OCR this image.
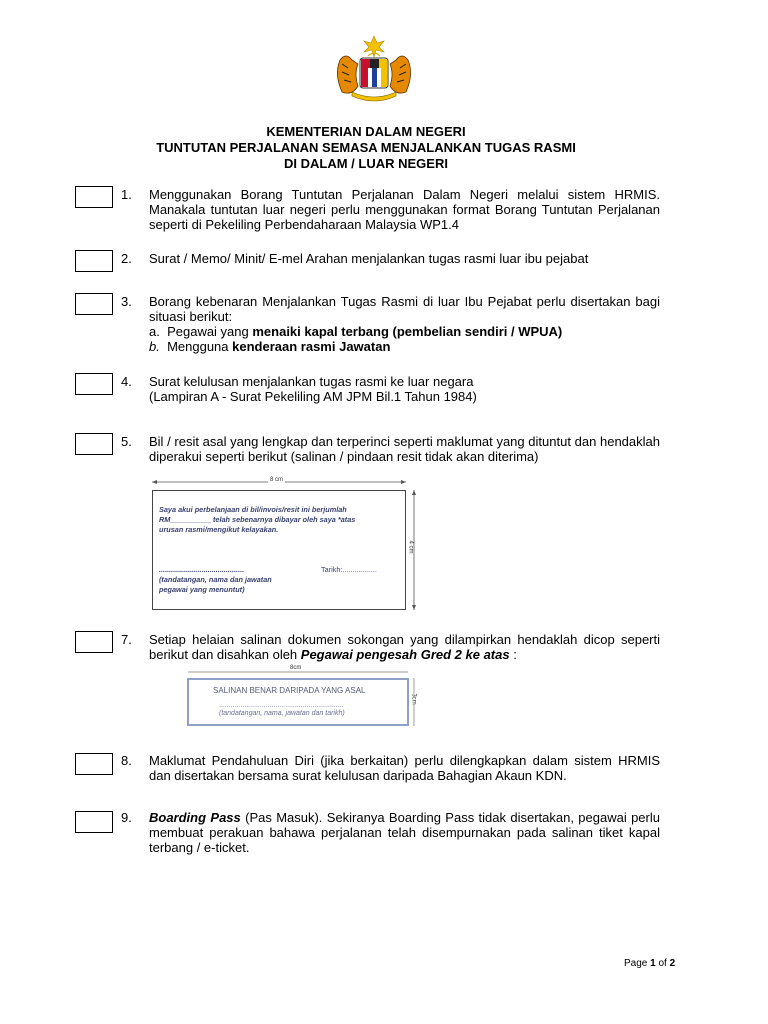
KEMENTERIAN DALAM NEGERI
TUNTUTAN PERJALANAN SEMASA MENJALANKAN TUGAS RASMI
DI DALAM / LUAR NEGERI
1. Menggunakan Borang Tuntutan Perjalanan Dalam Negeri melalui sistem HRMIS. Manakala tuntutan luar negeri perlu menggunakan format Borang Tuntutan Perjalanan seperti di Pekeliling Perbendaharaan Malaysia WP1.4
2. Surat / Memo/ Minit/ E-mel Arahan menjalankan tugas rasmi luar ibu pejabat
3. Borang kebenaran Menjalankan Tugas Rasmi di luar Ibu Pejabat perlu disertakan bagi situasi berikut:
a. Pegawai yang menaiki kapal terbang (pembelian sendiri / WPUA)
b. Mengguna kenderaan rasmi Jawatan
4. Surat kelulusan menjalankan tugas rasmi ke luar negara
(Lampiran A - Surat Pekeliling AM JPM Bil.1 Tahun 1984)
5. Bil / resit asal yang lengkap dan terperinci seperti maklumat yang dituntut dan hendaklah diperakui seperti berikut (salinan / pindaan resit tidak akan diterima)
8 cm
4 cm
Saya akui perbelanjaan di bil/invois/resit ini berjumlah
RM__________ telah sebenarnya dibayar oleh saya *atas
urusan rasmi/mengikut kelayakan.
..........................................	Tarikh:.................
(tandatangan, nama dan jawatan
pegawai yang menuntut)
7. Setiap helaian salinan dokumen sokongan yang dilampirkan hendaklah dicop seperti berikut dan disahkan oleh Pegawai pengesah Gred 2 ke atas :
8cm
3cm
SALINAN BENAR DARIPADA YANG ASAL
................................................................
(tandatangan, nama, jawatan dan tarikh)
8. Maklumat Pendahuluan Diri (jika berkaitan) perlu dilengkapkan dalam sistem HRMIS dan disertakan bersama surat kelulusan daripada Bahagian Akaun KDN.
9. Boarding Pass (Pas Masuk). Sekiranya Boarding Pass tidak disertakan, pegawai perlu membuat perakuan bahawa perjalanan telah disempurnakan pada salinan tiket kapal terbang / e-ticket.
Page 1 of 2
